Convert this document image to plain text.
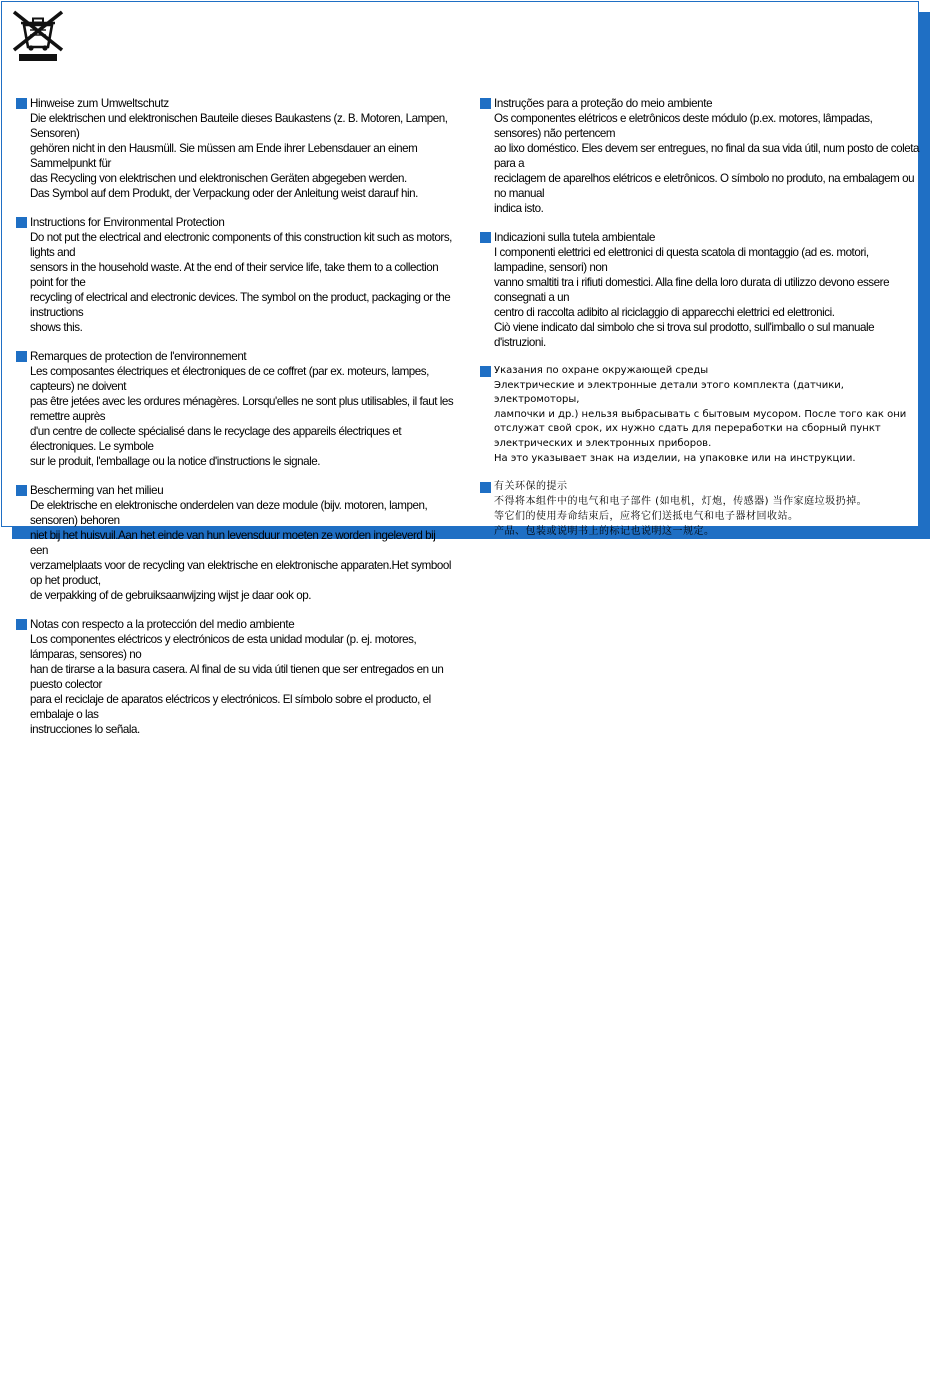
Hinweise zum Umweltschutz
Die elektrischen und elektronischen Bauteile dieses Baukastens (z. B. Motoren, Lampen, Sensoren)
gehören nicht in den Hausmüll. Sie müssen am Ende ihrer Lebensdauer an einem Sammelpunkt für
das Recycling von elektrischen und elektronischen Geräten abgegeben werden.
Das Symbol auf dem Produkt, der Verpackung oder der Anleitung weist darauf hin.
Instructions for Environmental Protection
Do not put the electrical and electronic components of this construction kit such as motors, lights and
sensors in the household waste. At the end of their service life, take them to a collection point for the
recycling of electrical and electronic devices. The symbol on the product, packaging or the instructions
shows this.
Remarques de protection de l'environnement
Les composantes électriques et électroniques de ce coffret (par ex. moteurs, lampes, capteurs) ne doivent
pas être jetées avec les ordures ménagères. Lorsqu'elles ne sont plus utilisables, il faut les remettre auprès
d'un centre de collecte spécialisé dans le recyclage des appareils électriques et électroniques. Le symbole
sur le produit, l'emballage ou la notice d'instructions le signale.
Bescherming van het milieu
De elektrische en elektronische onderdelen van deze module (bijv. motoren, lampen, sensoren) behoren
niet bij het huisvuil.Aan het einde van hun levensduur moeten ze worden ingeleverd bij een
verzamelplaats voor de recycling van elektrische en elektronische apparaten.Het symbool op het product,
de verpakking of de gebruiksaanwijzing wijst je daar ook op.
Notas con respecto a la protección del medio ambiente
Los componentes eléctricos y electrónicos de esta unidad modular (p. ej. motores, lámparas, sensores) no
han de tirarse a la basura casera. Al final de su vida útil tienen que ser entregados en un puesto colector
para el reciclaje de aparatos eléctricos y electrónicos. El símbolo sobre el producto, el embalaje o las
instrucciones lo señala.
Instruções para a proteção do meio ambiente
Os componentes elétricos e eletrônicos deste módulo (p.ex. motores, lâmpadas, sensores) não pertencem
ao lixo doméstico. Eles devem ser entregues, no final da sua vida útil, num posto de coleta para a
reciclagem de aparelhos elétricos e eletrônicos. O símbolo no produto, na embalagem ou no manual
indica isto.
Indicazioni sulla tutela ambientale
I componenti elettrici ed elettronici di questa scatola di montaggio (ad es. motori, lampadine, sensori) non
vanno smaltiti tra i rifiuti domestici. Alla fine della loro durata di utilizzo devono essere consegnati a un
centro di raccolta adibito al riciclaggio di apparecchi elettrici ed elettronici.
Ciò viene indicato dal simbolo che si trova sul prodotto, sull'imballo o sul manuale d'istruzioni.
Указания по охране окружающей среды
Электрические и электронные детали этого комплекта (датчики, электромоторы,
лампочки и др.) нельзя выбрасывать с бытовым мусором. После того как они
отслужат свой срок, их нужно сдать для переработки на сборный пункт
электрических и электронных приборов.
На это указывает знак на изделии, на упаковке или на инструкции.
有关环保的提示
不得将本组件中的电气和电子部件 (如电机，灯炮，传感器) 当作家庭垃圾扔掉。
等它们的使用寿命结束后，应将它们送抵电气和电子器材回收站。
产品、包装或说明书上的标记也说明这一规定。
